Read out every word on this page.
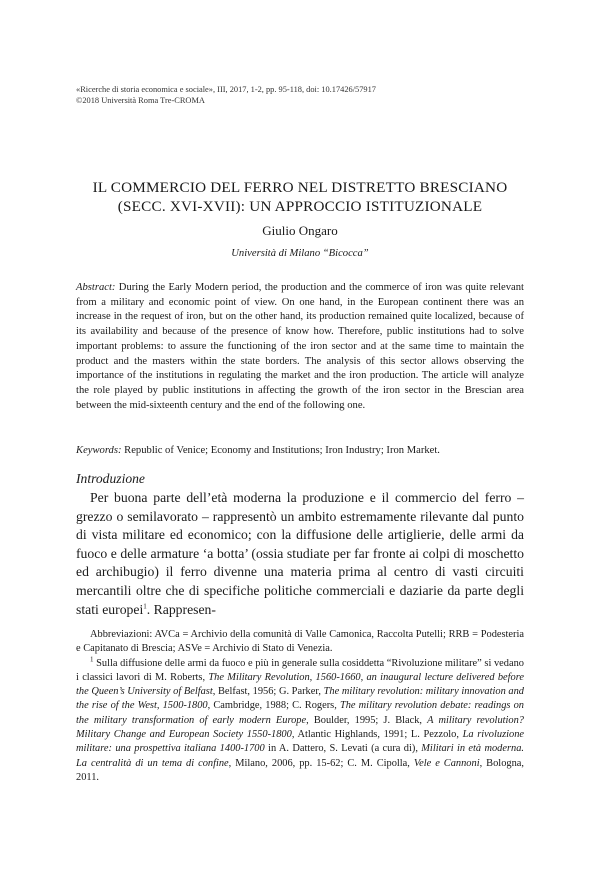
«Ricerche di storia economica e sociale», III, 2017, 1-2, pp. 95-118, doi: 10.17426/57917
©2018 Università Roma Tre-CROMA
IL COMMERCIO DEL FERRO NEL DISTRETTO BRESCIANO
(SECC. XVI-XVII): UN APPROCCIO ISTITUZIONALE
Giulio Ongaro
Università di Milano “Bicocca”
Abstract: During the Early Modern period, the production and the commerce of iron was quite relevant from a military and economic point of view. On one hand, in the European continent there was an increase in the request of iron, but on the other hand, its production remained quite localized, because of its availability and because of the presence of know how. Therefore, public institutions had to solve important problems: to assure the functioning of the iron sector and at the same time to maintain the product and the masters within the state borders. The analysis of this sector allows observing the importance of the institutions in regulating the market and the iron production. The article will analyze the role played by public institutions in affecting the growth of the iron sector in the Brescian area between the mid-sixteenth century and the end of the following one.
Keywords: Republic of Venice; Economy and Institutions; Iron Industry; Iron Market.
Introduzione
Per buona parte dell’età moderna la produzione e il commercio del ferro – grezzo o semilavorato – rappresentò un ambito estremamente rilevante dal punto di vista militare ed economico; con la diffusione delle artiglierie, delle armi da fuoco e delle armature ‘a botta’ (ossia studiate per far fronte ai colpi di moschetto ed archibugio) il ferro divenne una materia prima al centro di vasti circuiti mercantili oltre che di specifiche politiche commerciali e daziarie da parte degli stati europei$^1$. Rappresen-
Abbreviazioni: AVCa = Archivio della comunità di Valle Camonica, Raccolta Putelli; RRB = Podesteria e Capitanato di Brescia; ASVe = Archivio di Stato di Venezia.
$^1$ Sulla diffusione delle armi da fuoco e più in generale sulla cosiddetta “Rivoluzione militare” si vedano i classici lavori di M. Roberts, The Military Revolution, 1560-1660, an inaugural lecture delivered before the Queen’s University of Belfast, Belfast, 1956; G. Parker, The military revolution: military innovation and the rise of the West, 1500-1800, Cambridge, 1988; C. Rogers, The military revolution debate: readings on the military transformation of early modern Europe, Boulder, 1995; J. Black, A military revolution? Military Change and European Society 1550-1800, Atlantic Highlands, 1991; L. Pezzolo, La rivoluzione militare: una prospettiva italiana 1400-1700 in A. Dattero, S. Levati (a cura di), Militari in età moderna. La centralità di un tema di confine, Milano, 2006, pp. 15-62; C. M. Cipolla, Vele e Cannoni, Bologna, 2011.
